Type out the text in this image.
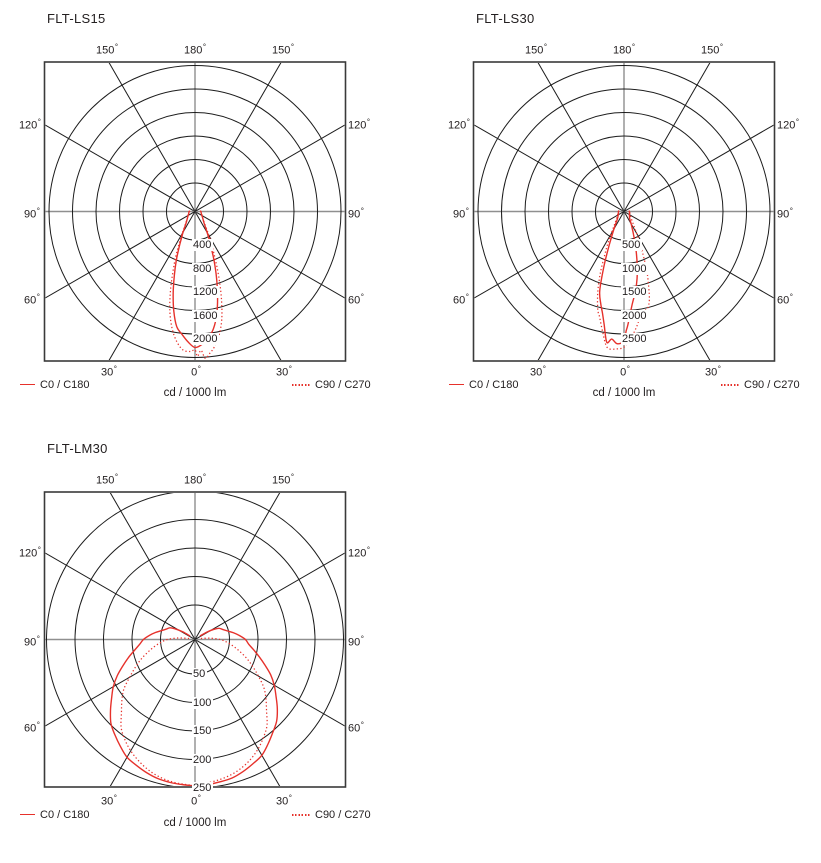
FLT-LS15
C0 / C180	C90 / C270
cd / 1000 lm
180°
150°	150°
120°	120°
90°	90°
60°	60°
30°	30°
0°
400
800
1200
1600
2000
FLT-LS30
C0 / C180	C90 / C270
cd / 1000 lm
180°
150°	150°
120°	120°
90°	90°
60°	60°
30°	30°
0°
500
1000
1500
2000
2500
FLT-LM30
C0 / C180	C90 / C270
cd / 1000 lm
180°
150°	150°
120°	120°
90°	90°
60°	60°
30°	30°
0°
50
100
150
200
250
